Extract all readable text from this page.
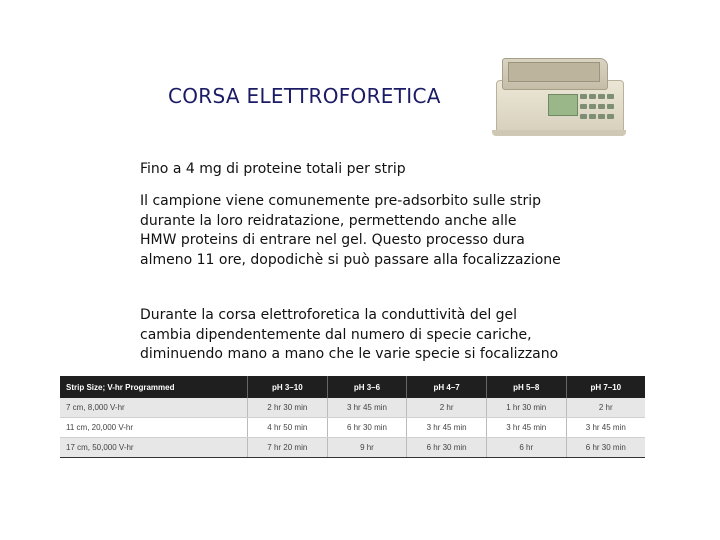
CORSA ELETTROFORETICA
Fino a 4 mg di proteine totali per strip
Il campione viene comunemente pre-adsorbito sulle strip
durante la loro reidratazione, permettendo anche alle
HMW proteins di entrare nel gel. Questo processo dura
almeno 11 ore, dopodichè si può passare alla focalizzazione
Durante la corsa elettroforetica la conduttività del gel
cambia dipendentemente dal numero di specie cariche,
diminuendo mano a mano che le varie specie si focalizzano
Strip Size; V-hr Programmed	pH 3–10	pH 3–6	pH 4–7	pH 5–8	pH 7–10
7 cm, 8,000 V-hr	2 hr 30 min	3 hr 45 min	2 hr	1 hr 30 min	2 hr
11 cm, 20,000 V-hr	4 hr 50 min	6 hr 30 min	3 hr 45 min	3 hr 45 min	3 hr 45 min
17 cm, 50,000 V-hr	7 hr 20 min	9 hr	6 hr 30 min	6 hr	6 hr 30 min
